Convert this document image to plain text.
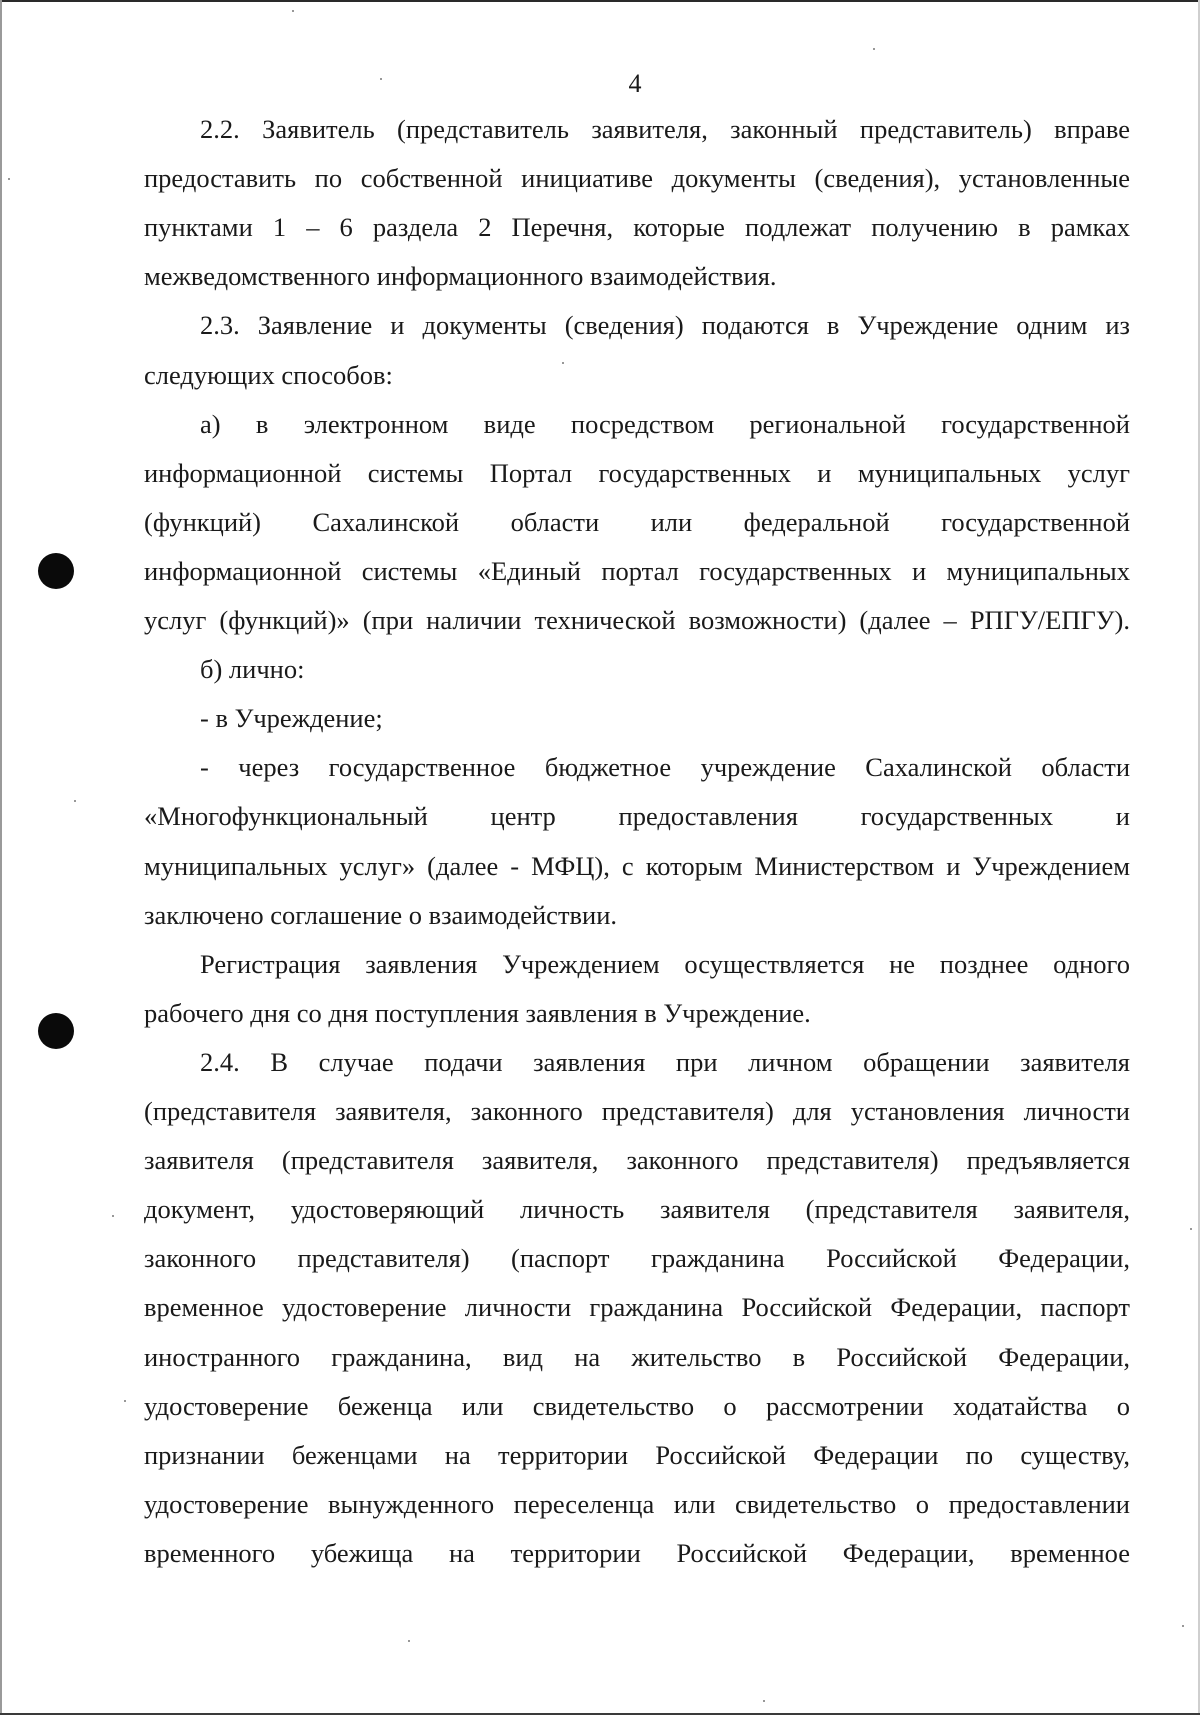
4
2.2. Заявитель (представитель заявителя, законный представитель) вправе
предоставить по собственной инициативе документы (сведения), установленные
пунктами 1 – 6 раздела 2 Перечня, которые подлежат получению в рамках
межведомственного информационного взаимодействия.
2.3. Заявление и документы (сведения) подаются в Учреждение одним из
следующих способов:
а) в электронном виде посредством региональной государственной
информационной системы Портал государственных и муниципальных услуг
(функций) Сахалинской области или федеральной государственной
информационной системы «Единый портал государственных и муниципальных
услуг (функций)» (при наличии технической возможности) (далее – РПГУ/ЕПГУ).
б) лично:
- в Учреждение;
- через государственное бюджетное учреждение Сахалинской области
«Многофункциональный центр предоставления государственных и
муниципальных услуг» (далее - МФЦ), с которым Министерством и Учреждением
заключено соглашение о взаимодействии.
Регистрация заявления Учреждением осуществляется не позднее одного
рабочего дня со дня поступления заявления в Учреждение.
2.4. В случае подачи заявления при личном обращении заявителя
(представителя заявителя, законного представителя) для установления личности
заявителя (представителя заявителя, законного представителя) предъявляется
документ, удостоверяющий личность заявителя (представителя заявителя,
законного представителя) (паспорт гражданина Российской Федерации,
временное удостоверение личности гражданина Российской Федерации, паспорт
иностранного гражданина, вид на жительство в Российской Федерации,
удостоверение беженца или свидетельство о рассмотрении ходатайства о
признании беженцами на территории Российской Федерации по существу,
удостоверение вынужденного переселенца или свидетельство о предоставлении
временного убежища на территории Российской Федерации, временное
